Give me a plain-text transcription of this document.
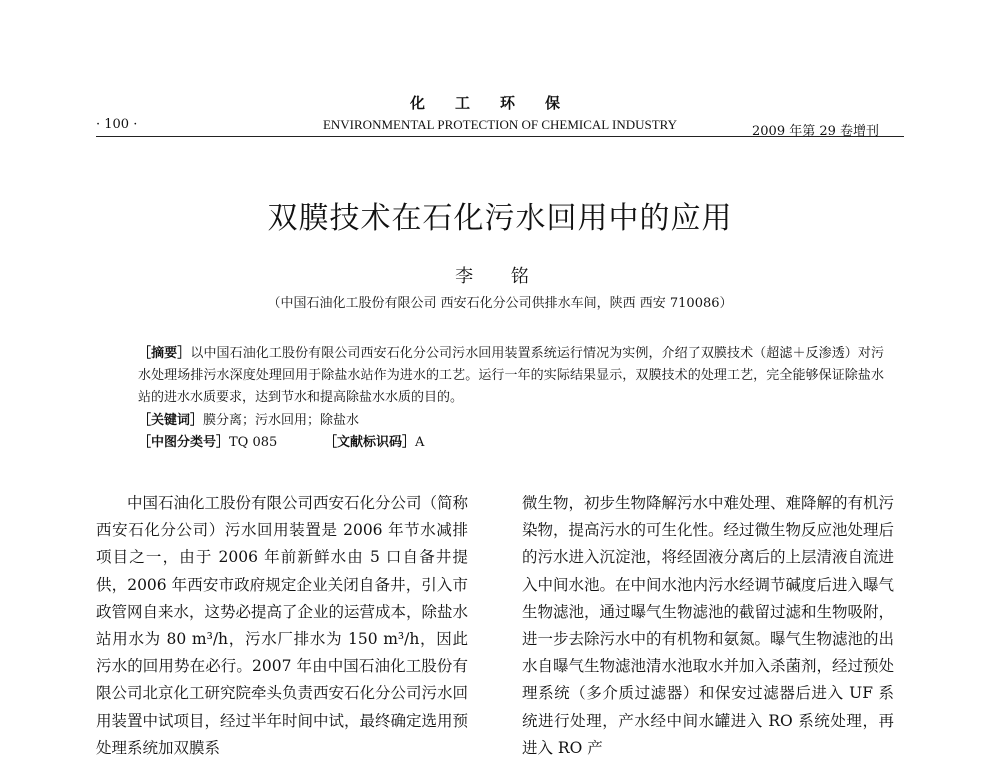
化工环保
· 100 ·	ENVIRONMENTAL PROTECTION OF CHEMICAL INDUSTRY	2009 年第 29 卷增刊
双膜技术在石化污水回用中的应用
李 铭
（中国石油化工股份有限公司 西安石化分公司供排水车间，陕西 西安 710086）
［摘要］以中国石油化工股份有限公司西安石化分公司污水回用装置系统运行情况为实例，介绍了双膜技术（超滤＋反渗透）对污水处理场排污水深度处理回用于除盐水站作为进水的工艺。运行一年的实际结果显示，双膜技术的处理工艺，完全能够保证除盐水站的进水水质要求，达到节水和提高除盐水水质的目的。
［关键词］膜分离；污水回用；除盐水
［中图分类号］TQ 085	［文献标识码］A
中国石油化工股份有限公司西安石化分公司（简称西安石化分公司）污水回用装置是 2006 年节水减排项目之一，由于 2006 年前新鲜水由 5 口自备井提供，2006 年西安市政府规定企业关闭自备井，引入市政管网自来水，这势必提高了企业的运营成本，除盐水站用水为 80 m³/h，污水厂排水为 150 m³/h，因此污水的回用势在必行。2007 年由中国石油化工股份有限公司北京化工研究院牵头负责西安石化分公司污水回用装置中试项目，经过半年时间中试，最终确定选用预处理系统加双膜系
微生物，初步生物降解污水中难处理、难降解的有机污染物，提高污水的可生化性。经过微生物反应池处理后的污水进入沉淀池，将经固液分离后的上层清液自流进入中间水池。在中间水池内污水经调节碱度后进入曝气生物滤池，通过曝气生物滤池的截留过滤和生物吸附，进一步去除污水中的有机物和氨氮。曝气生物滤池的出水自曝气生物滤池清水池取水并加入杀菌剂，经过预处理系统（多介质过滤器）和保安过滤器后进入 UF 系统进行处理，产水经中间水罐进入 RO 系统处理，再进入 RO 产
